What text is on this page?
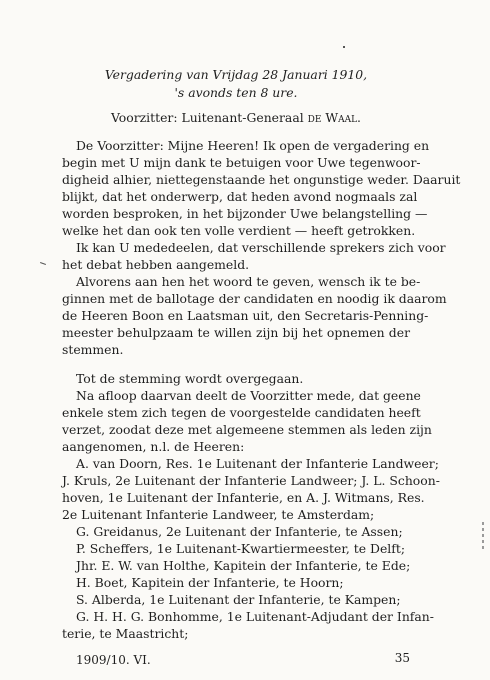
Vergadering van Vrijdag 28 Januari 1910,
's avonds ten 8 ure.
Voorzitter: Luitenant-Generaal de Waal.
De Voorzitter: Mijne Heeren! Ik open de vergadering en
begin met U mijn dank te betuigen voor Uwe tegenwoor-
digheid alhier, niettegenstaande het ongunstige weder. Daaruit
blijkt, dat het onderwerp, dat heden avond nogmaals zal
worden besproken, in het bijzonder Uwe belangstelling —
welke het dan ook ten volle verdient — heeft getrokken.
Ik kan U mededeelen, dat verschillende sprekers zich voor
het debat hebben aangemeld.
Alvorens aan hen het woord te geven, wensch ik te be-
ginnen met de ballotage der candidaten en noodig ik daarom
de Heeren Boon en Laatsman uit, den Secretaris-Penning-
meester behulpzaam te willen zijn bij het opnemen der
stemmen.
Tot de stemming wordt overgegaan.
Na afloop daarvan deelt de Voorzitter mede, dat geene
enkele stem zich tegen de voorgestelde candidaten heeft
verzet, zoodat deze met algemeene stemmen als leden zijn
aangenomen, n.l. de Heeren:
A. van Doorn, Res. 1e Luitenant der Infanterie Landweer;
J. Kruls, 2e Luitenant der Infanterie Landweer; J. L. Schoon-
hoven, 1e Luitenant der Infanterie, en A. J. Witmans, Res.
2e Luitenant Infanterie Landweer, te Amsterdam;
G. Greidanus, 2e Luitenant der Infanterie, te Assen;
P. Scheffers, 1e Luitenant-Kwartiermeester, te Delft;
Jhr. E. W. van Holthe, Kapitein der Infanterie, te Ede;
H. Boet, Kapitein der Infanterie, te Hoorn;
S. Alberda, 1e Luitenant der Infanterie, te Kampen;
G. H. H. G. Bonhomme, 1e Luitenant-Adjudant der Infan-
terie, te Maastricht;
1909/10. VI.	35
